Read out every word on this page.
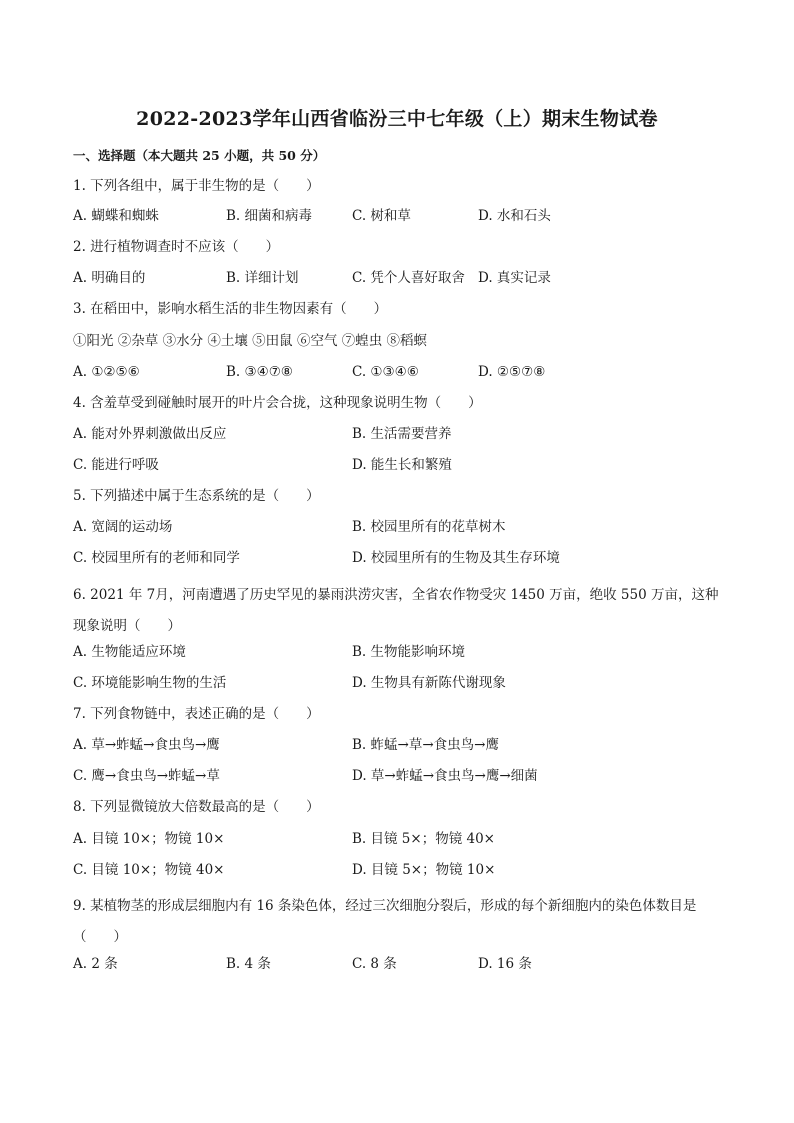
2022-2023学年山西省临汾三中七年级（上）期末生物试卷
一、选择题（本大题共 25 小题，共 50 分）
1. 下列各组中，属于非生物的是（　　）
A. 蝴蝶和蜘蛛	B. 细菌和病毒	C. 树和草	D. 水和石头
2. 进行植物调查时不应该（　　）
A. 明确目的	B. 详细计划	C. 凭个人喜好取舍 D. 真实记录
3. 在稻田中，影响水稻生活的非生物因素有（　　）
①阳光 ②杂草 ③水分 ④土壤 ⑤田鼠 ⑥空气 ⑦蝗虫 ⑧稻螟
A. ①②⑤⑥	B. ③④⑦⑧	C. ①③④⑥	D. ②⑤⑦⑧
4. 含羞草受到碰触时展开的叶片会合拢，这种现象说明生物（　　）
A. 能对外界刺激做出反应	B. 生活需要营养
C. 能进行呼吸	D. 能生长和繁殖
5. 下列描述中属于生态系统的是（　　）
A. 宽阔的运动场	B. 校园里所有的花草树木
C. 校园里所有的老师和同学	D. 校园里所有的生物及其生存环境
6. 2021 年 7月，河南遭遇了历史罕见的暴雨洪涝灾害，全省农作物受灾 1450 万亩，绝收 550 万亩，这种现象说明（　　）
A. 生物能适应环境	B. 生物能影响环境
C. 环境能影响生物的生活	D. 生物具有新陈代谢现象
7. 下列食物链中，表述正确的是（　　）
A. 草→蚱蜢→食虫鸟→鹰	B. 蚱蜢→草→食虫鸟→鹰
C. 鹰→食虫鸟→蚱蜢→草	D. 草→蚱蜢→食虫鸟→鹰→细菌
8. 下列显微镜放大倍数最高的是（　　）
A. 目镜 10×；物镜 10×	B. 目镜 5×；物镜 40×
C. 目镜 10×；物镜 40×	D. 目镜 5×；物镜 10×
9. 某植物茎的形成层细胞内有 16 条染色体，经过三次细胞分裂后，形成的每个新细胞内的染色体数目是（　　）
A. 2 条	B. 4 条	C. 8 条	D. 16 条
